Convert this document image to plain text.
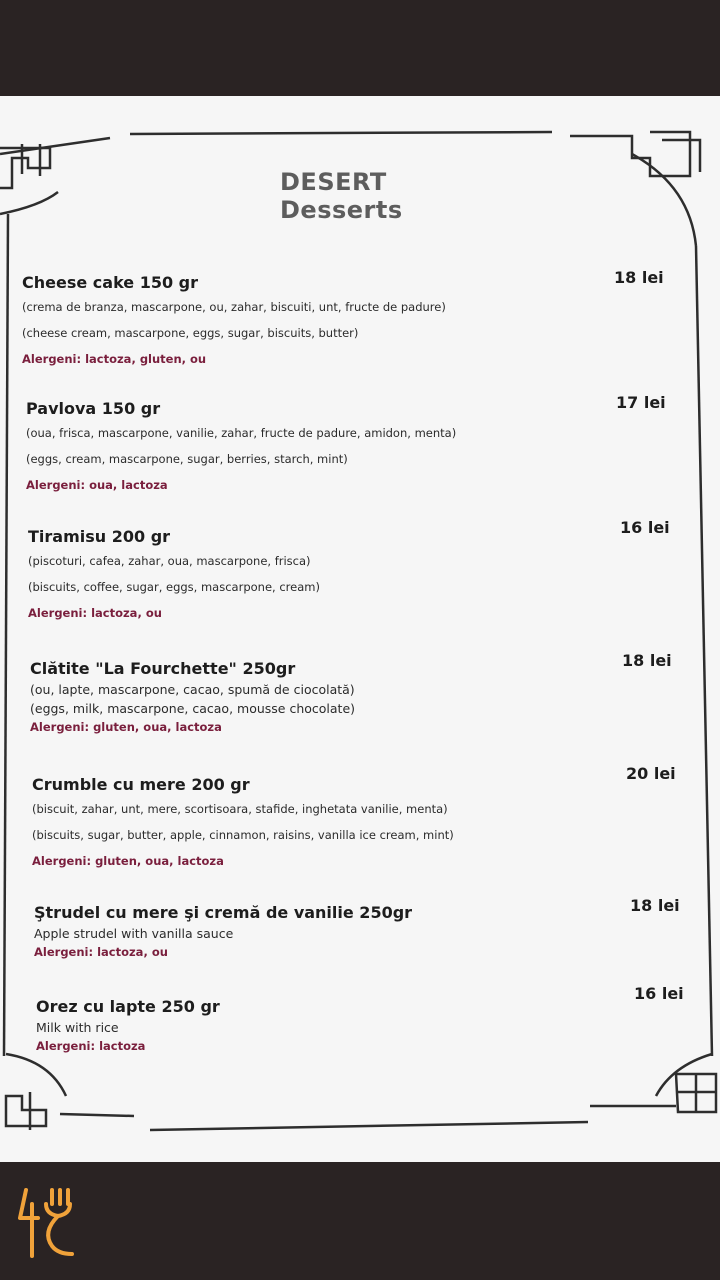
DESERT
Desserts
Cheese cake 150 gr
(crema de branza, mascarpone, ou, zahar, biscuiti, unt, fructe de padure)
(cheese cream, mascarpone, eggs, sugar, biscuits, butter)
Alergeni: lactoza, gluten, ou
18 lei
Pavlova 150 gr
(oua, frisca, mascarpone, vanilie, zahar, fructe de padure, amidon, menta)
(eggs, cream, mascarpone, sugar, berries, starch, mint)
Alergeni: oua, lactoza
17 lei
Tiramisu 200 gr
(piscoturi, cafea, zahar, oua, mascarpone, frisca)
(biscuits, coffee, sugar, eggs, mascarpone, cream)
Alergeni: lactoza, ou
16 lei
Clătite "La Fourchette" 250gr
(ou, lapte, mascarpone, cacao, spumă de ciocolată)
(eggs, milk, mascarpone, cacao, mousse chocolate)
Alergeni: gluten, oua, lactoza
18 lei
Crumble cu mere 200 gr
(biscuit, zahar, unt, mere, scortisoara, stafide, inghetata vanilie, menta)
(biscuits, sugar, butter, apple, cinnamon, raisins, vanilla ice cream, mint)
Alergeni: gluten, oua, lactoza
20 lei
Ştrudel cu mere şi cremă de vanilie 250gr
Apple strudel with vanilla sauce
Alergeni: lactoza, ou
18 lei
Orez cu lapte 250 gr
Milk with rice
Alergeni: lactoza
16 lei
